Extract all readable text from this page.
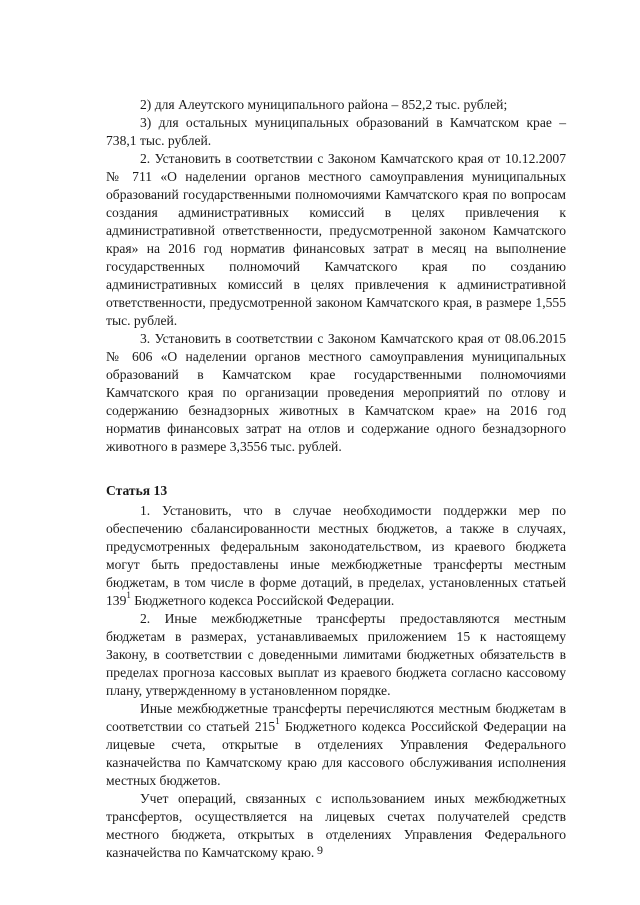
2) для Алеутского муниципального района – 852,2 тыс. рублей;

3) для остальных муниципальных образований в Камчатском крае – 738,1 тыс. рублей.

2. Установить в соответствии с Законом Камчатского края от 10.12.2007 № 711 «О наделении органов местного самоуправления муниципальных образований государственными полномочиями Камчатского края по вопросам создания административных комиссий в целях привлечения к административной ответственности, предусмотренной законом Камчатского края» на 2016 год норматив финансовых затрат в месяц на выполнение государственных полномочий Камчатского края по созданию административных комиссий в целях привлечения к административной ответственности, предусмотренной законом Камчатского края, в размере 1,555 тыс. рублей.

3. Установить в соответствии с Законом Камчатского края от 08.06.2015 № 606 «О наделении органов местного самоуправления муниципальных образований в Камчатском крае государственными полномочиями Камчатского края по организации проведения мероприятий по отлову и содержанию безнадзорных животных в Камчатском крае» на 2016 год норматив финансовых затрат на отлов и содержание одного безнадзорного животного в размере 3,3556 тыс. рублей.

Статья 13

1. Установить, что в случае необходимости поддержки мер по обеспечению сбалансированности местных бюджетов, а также в случаях, предусмотренных федеральным законодательством, из краевого бюджета могут быть предоставлены иные межбюджетные трансферты местным бюджетам, в том числе в форме дотаций, в пределах, установленных статьей $139^1$ Бюджетного кодекса Российской Федерации.

2. Иные межбюджетные трансферты предоставляются местным бюджетам в размерах, устанавливаемых приложением 15 к настоящему Закону, в соответствии с доведенными лимитами бюджетных обязательств в пределах прогноза кассовых выплат из краевого бюджета согласно кассовому плану, утвержденному в установленном порядке.

Иные межбюджетные трансферты перечисляются местным бюджетам в соответствии со статьей $215^1$ Бюджетного кодекса Российской Федерации на лицевые счета, открытые в отделениях Управления Федерального казначейства по Камчатскому краю для кассового обслуживания исполнения местных бюджетов.

Учет операций, связанных с использованием иных межбюджетных трансфертов, осуществляется на лицевых счетах получателей средств местного бюджета, открытых в отделениях Управления Федерального казначейства по Камчатскому краю. 9
